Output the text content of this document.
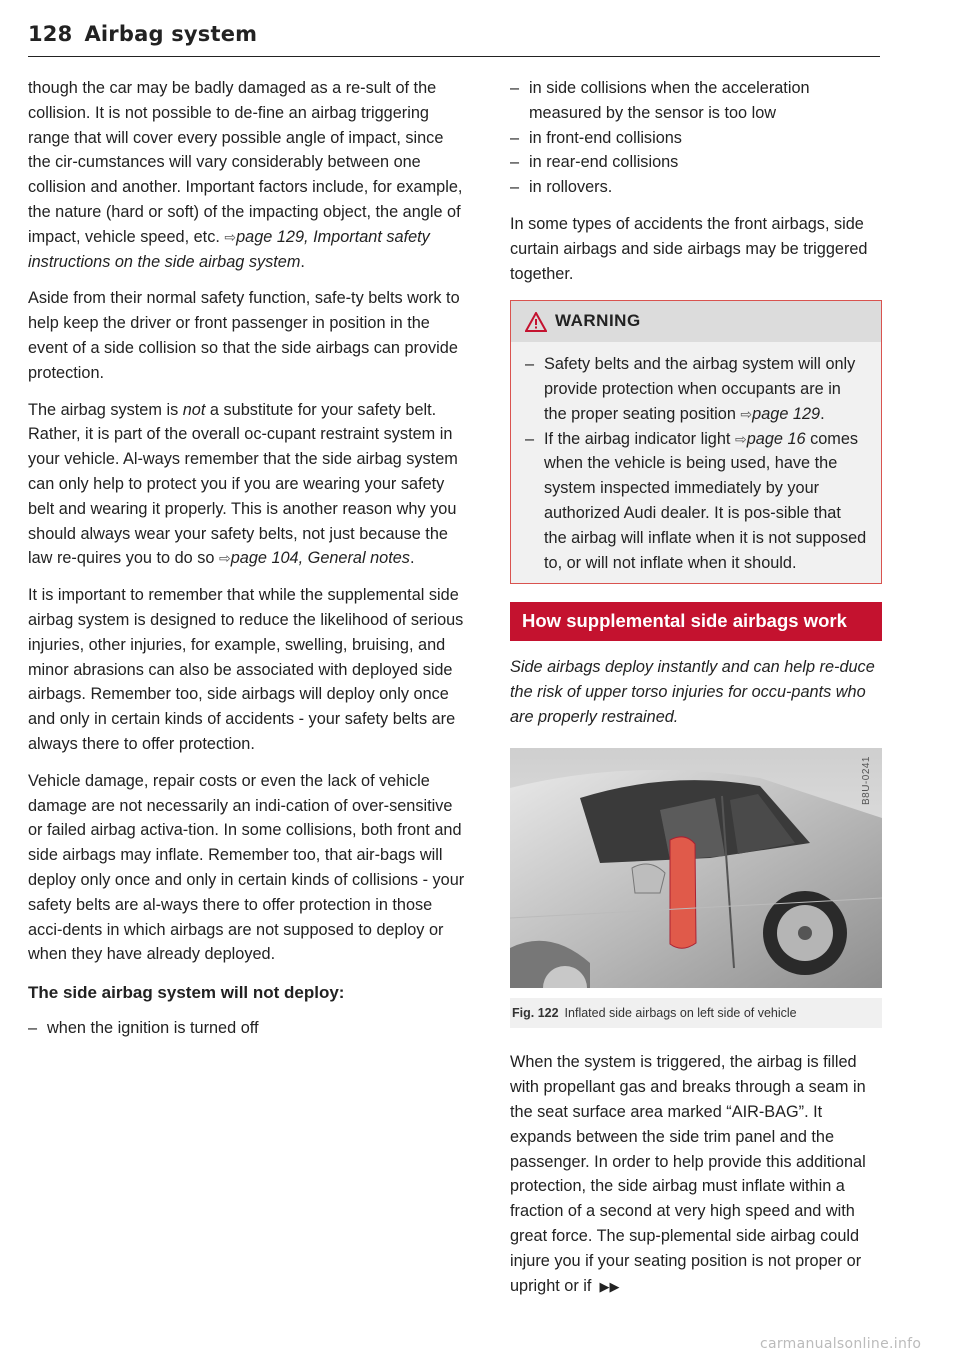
128 Airbag system

though the car may be badly damaged as a re-sult of the collision. It is not possible to de-fine an airbag triggering range that will cover every possible angle of impact, since the cir-cumstances will vary considerably between one collision and another. Important factors include, for example, the nature (hard or soft) of the impacting object, the angle of impact, vehicle speed, etc. ⇨page 129, Important safety instructions on the side airbag system.

Aside from their normal safety function, safe-ty belts work to help keep the driver or front passenger in position in the event of a side collision so that the side airbags can provide protection.

The airbag system is not a substitute for your safety belt. Rather, it is part of the overall oc-cupant restraint system in your vehicle. Al-ways remember that the side airbag system can only help to protect you if you are wearing your safety belt and wearing it properly. This is another reason why you should always wear your safety belts, not just because the law re-quires you to do so ⇨page 104, General notes.

It is important to remember that while the supplemental side airbag system is designed to reduce the likelihood of serious injuries, other injuries, for example, swelling, bruising, and minor abrasions can also be associated with deployed side airbags. Remember too, side airbags will deploy only once and only in certain kinds of accidents - your safety belts are always there to offer protection.

Vehicle damage, repair costs or even the lack of vehicle damage are not necessarily an indi-cation of over-sensitive or failed airbag activa-tion. In some collisions, both front and side airbags may inflate. Remember too, that air-bags will deploy only once and only in certain kinds of collisions - your safety belts are al-ways there to offer protection in those acci-dents in which airbags are not supposed to deploy or when they have already deployed.

The side airbag system will not deploy:
– when the ignition is turned off
– in side collisions when the acceleration measured by the sensor is too low
– in front-end collisions
– in rear-end collisions
– in rollovers.

In some types of accidents the front airbags, side curtain airbags and side airbags may be triggered together.

WARNING
– Safety belts and the airbag system will only provide protection when occupants are in the proper seating position ⇨page 129.
– If the airbag indicator light ⇨page 16 comes when the vehicle is being used, have the system inspected immediately by your authorized Audi dealer. It is pos-sible that the airbag will inflate when it is not supposed to, or will not inflate when it should.
How supplemental side airbags work

Side airbags deploy instantly and can help re-duce the risk of upper torso injuries for occu-pants who are properly restrained.

B8U-0241
Fig. 122 Inflated side airbags on left side of vehicle

When the system is triggered, the airbag is filled with propellant gas and breaks through a seam in the seat surface area marked “AIR-BAG”. It expands between the side trim panel and the passenger. In order to help provide this additional protection, the side airbag must inflate within a fraction of a second at very high speed and with great force. The sup-plemental side airbag could injure you if your seating position is not proper or upright or if ▶▶

carmanualsonline.info
